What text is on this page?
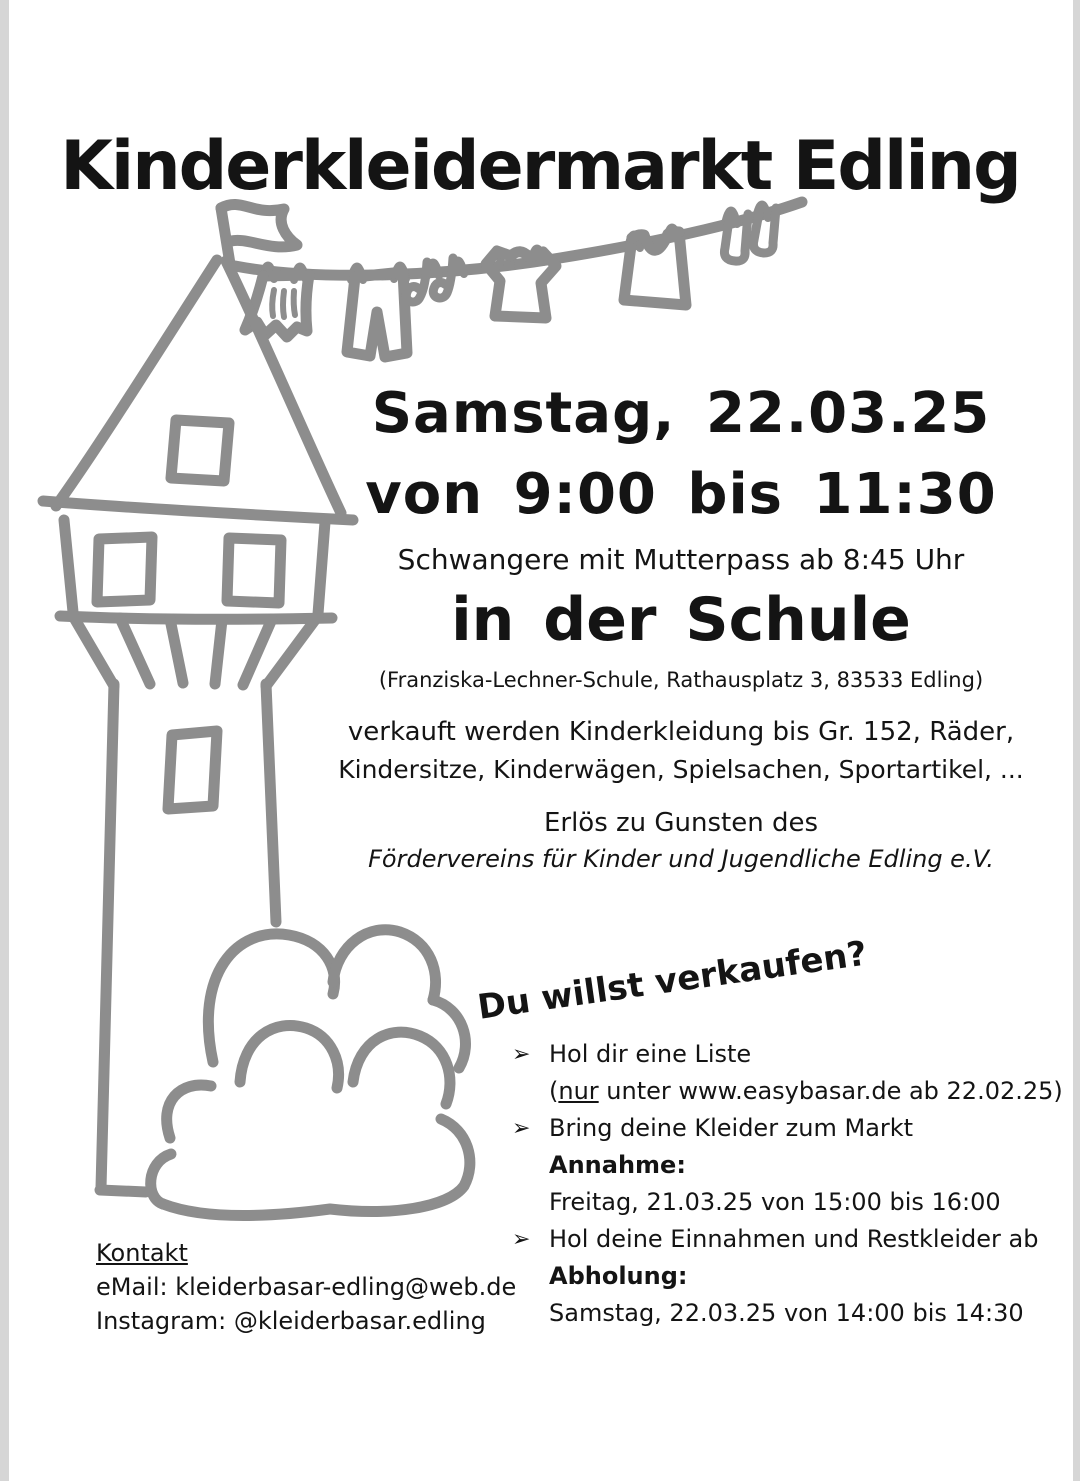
Kinderkleidermarkt Edling
Samstag, 22.03.25
von 9:00 bis 11:30
Schwangere mit Mutterpass ab 8:45 Uhr
in der Schule
(Franziska-Lechner-Schule, Rathausplatz 3, 83533 Edling)
verkauft werden Kinderkleidung bis Gr. 152, Räder,
Kindersitze, Kinderwägen, Spielsachen, Sportartikel, ...
Erlös zu Gunsten des
Fördervereins für Kinder und Jugendliche Edling e.V.
Du willst verkaufen?
➢ Hol dir eine Liste
(nur unter www.easybasar.de ab 22.02.25)
➢ Bring deine Kleider zum Markt
Annahme:
Freitag, 21.03.25 von 15:00 bis 16:00
➢ Hol deine Einnahmen und Restkleider ab
Abholung:
Samstag, 22.03.25 von 14:00 bis 14:30
Kontakt
eMail: kleiderbasar-edling@web.de
Instagram: @kleiderbasar.edling
